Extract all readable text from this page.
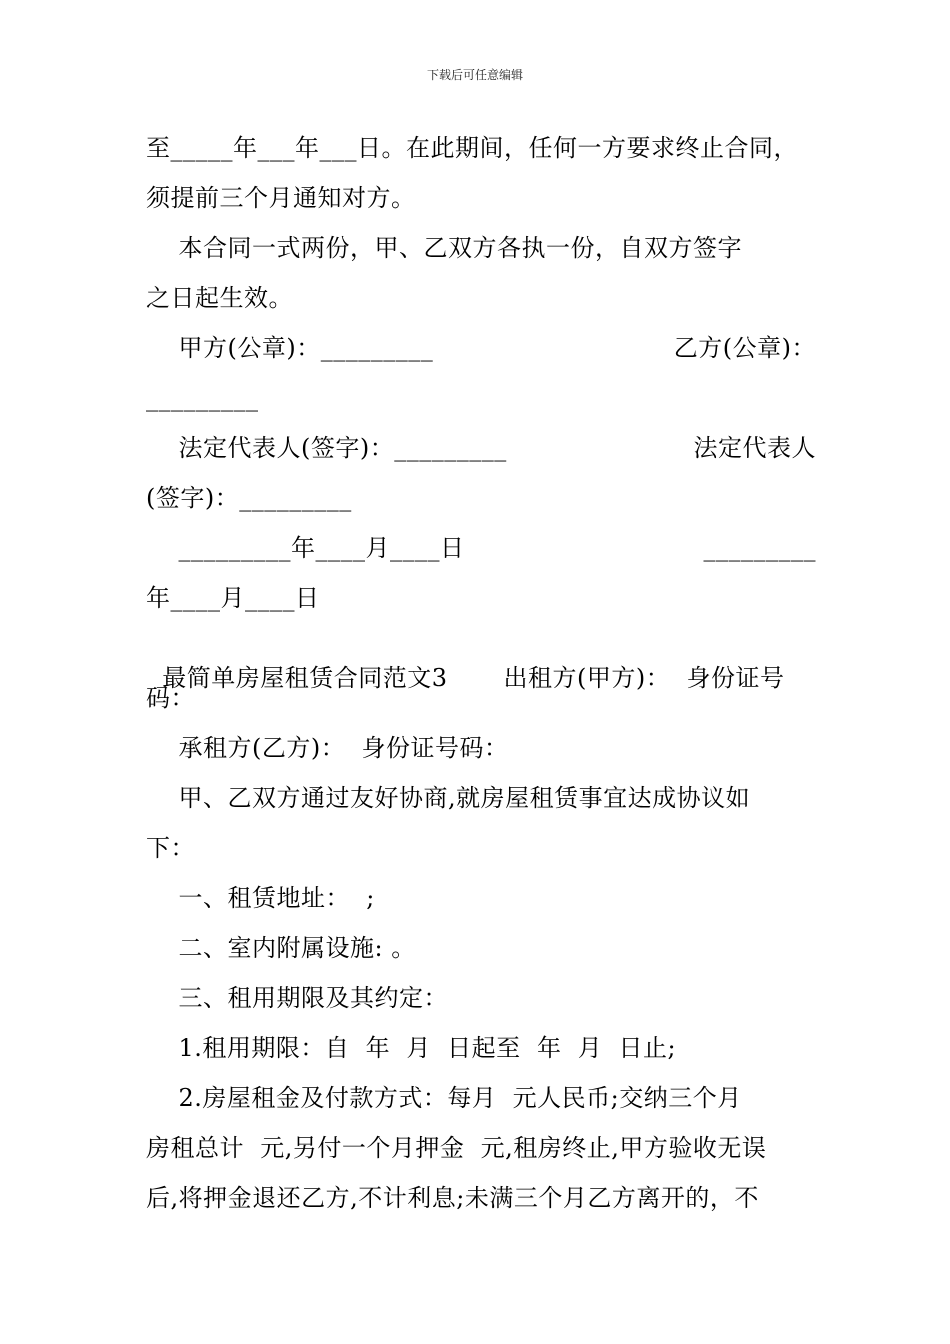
下载后可任意编辑
至_____年___年___日。在此期间，任何一方要求终止合同，
须提前三个月通知对方。
本合同一式两份，甲、乙双方各执一份，自双方签字
之日起生效。
甲方(公章)：_________	乙方(公章)：
_________
法定代表人(签字)：_________	法定代表人
(签字)：_________
_________年____月____日	_________
年____月____日

最简单房屋租赁合同范文3 出租方(甲方)：  身份证号

码：
承租方(乙方)：  身份证号码：
甲、乙双方通过友好协商,就房屋租赁事宜达成协议如
下：
一、租赁地址：  ;
二、室内附属设施: 。
三、租用期限及其约定：
1.租用期限：自  年  月  日起至  年  月  日止;
2.房屋租金及付款方式：每月  元人民币;交纳三个月
房租总计  元,另付一个月押金  元,租房终止,甲方验收无误
后,将押金退还乙方,不计利息;未满三个月乙方离开的，不
